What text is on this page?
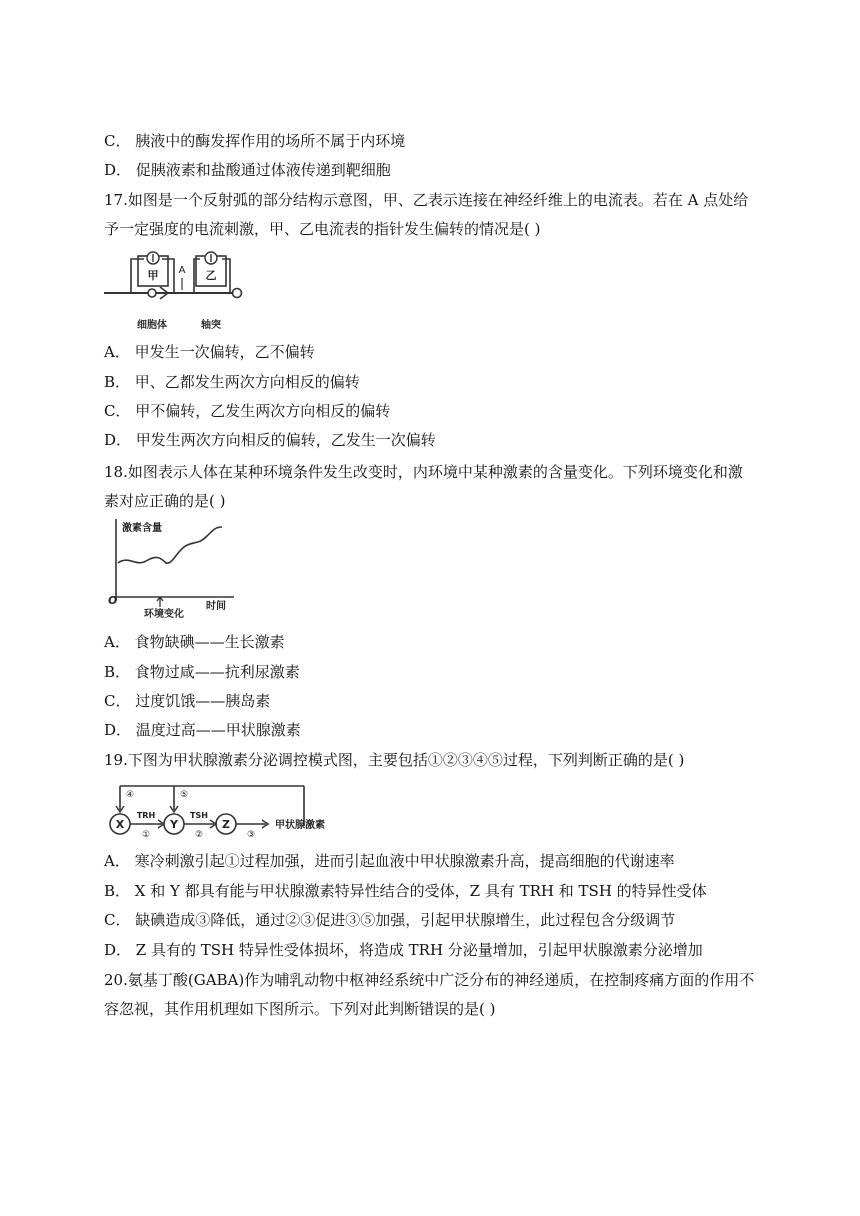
C． 胰液中的酶发挥作用的场所不属于内环境
D． 促胰液素和盐酸通过体液传递到靶细胞
17.如图是一个反射弧的部分结构示意图，甲、乙表示连接在神经纤维上的电流表。若在 A 点处给
予一定强度的电流刺激，甲、乙电流表的指针发生偏转的情况是( )
甲 A 乙
细胞体	轴突
A． 甲发生一次偏转，乙不偏转
B． 甲、乙都发生两次方向相反的偏转
C． 甲不偏转，乙发生两次方向相反的偏转
D． 甲发生两次方向相反的偏转，乙发生一次偏转
18.如图表示人体在某种环境条件发生改变时，内环境中某种激素的含量变化。下列环境变化和激
素对应正确的是( )
激素含量
O	时间
环境变化
A． 食物缺碘——生长激素
B． 食物过咸——抗利尿激素
C． 过度饥饿——胰岛素
D． 温度过高——甲状腺激素
19.下图为甲状腺激素分泌调控模式图，主要包括①②③④⑤过程，下列判断正确的是( )
④	⑤
X	Y	Z
TRH	TSH
①	②	③
甲状腺激素
A． 寒冷刺激引起①过程加强，进而引起血液中甲状腺激素升高，提高细胞的代谢速率
B． X 和 Y 都具有能与甲状腺激素特异性结合的受体，Z 具有 TRH 和 TSH 的特异性受体
C． 缺碘造成③降低，通过②③促进③⑤加强，引起甲状腺增生，此过程包含分级调节
D． Z 具有的 TSH 特异性受体损坏，将造成 TRH 分泌量增加，引起甲状腺激素分泌增加
20.氨基丁酸(GABA)作为哺乳动物中枢神经系统中广泛分布的神经递质，在控制疼痛方面的作用不
容忽视，其作用机理如下图所示。下列对此判断错误的是( )
